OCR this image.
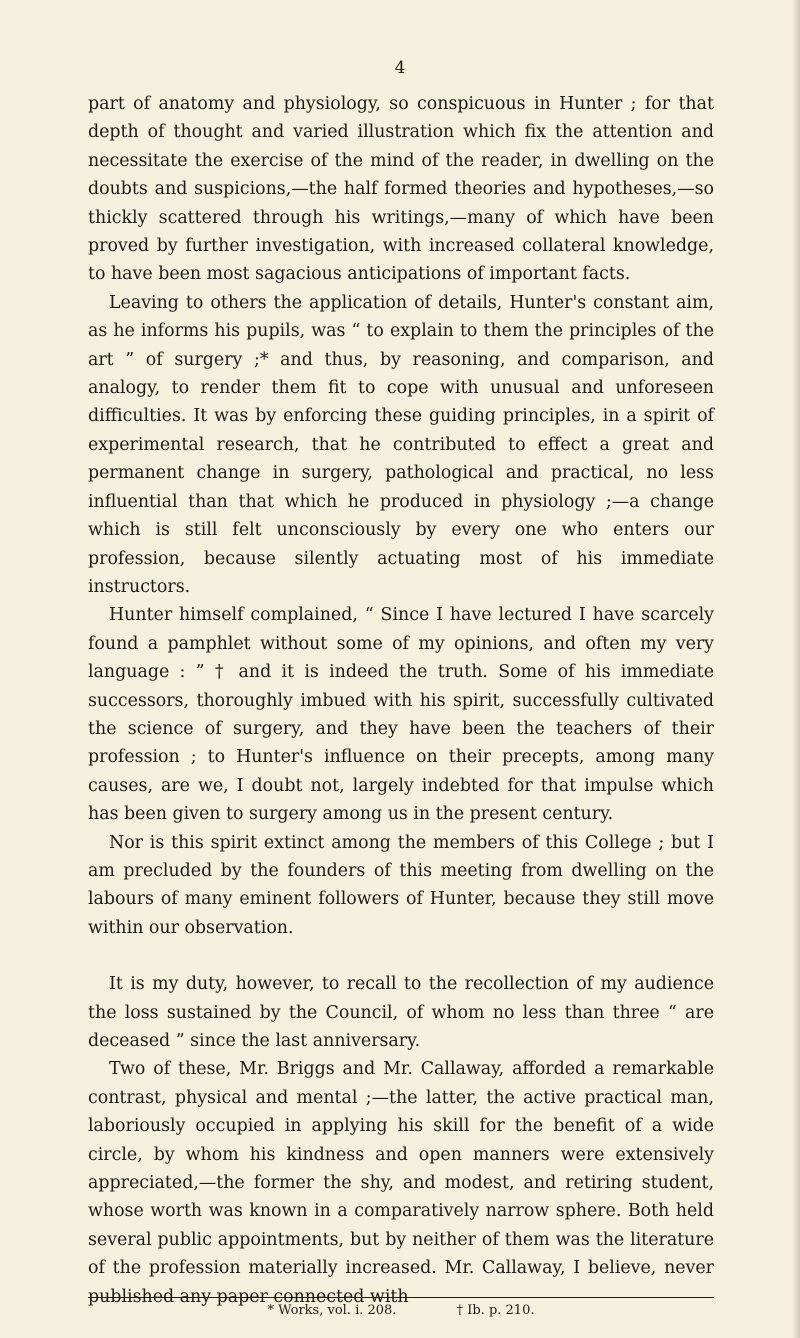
4

part of anatomy and physiology, so conspicuous in Hunter ; for that depth of thought and varied illustration which fix the attention and necessitate the exercise of the mind of the reader, in dwelling on the doubts and suspicions,—the half formed theories and hypotheses,—so thickly scattered through his writings,—many of which have been proved by further investigation, with increased collateral knowledge, to have been most sagacious anticipations of important facts.

Leaving to others the application of details, Hunter's constant aim, as he informs his pupils, was “ to explain to them the principles of the art ” of surgery ;* and thus, by reasoning, and comparison, and analogy, to render them fit to cope with unusual and unforeseen difficulties. It was by enforcing these guiding principles, in a spirit of experimental research, that he contributed to effect a great and permanent change in surgery, pathological and practical, no less influential than that which he produced in physiology ;—a change which is still felt unconsciously by every one who enters our profession, because silently actuating most of his immediate instructors.

Hunter himself complained, “ Since I have lectured I have scarcely found a pamphlet without some of my opinions, and often my very language : ” † and it is indeed the truth. Some of his immediate successors, thoroughly imbued with his spirit, successfully cultivated the science of surgery, and they have been the teachers of their profession ; to Hunter's influence on their precepts, among many causes, are we, I doubt not, largely indebted for that impulse which has been given to surgery among us in the present century.

Nor is this spirit extinct among the members of this College ; but I am precluded by the founders of this meeting from dwelling on the labours of many eminent followers of Hunter, because they still move within our observation.

It is my duty, however, to recall to the recollection of my audience the loss sustained by the Council, of whom no less than three “ are deceased ” since the last anniversary.

Two of these, Mr. Briggs and Mr. Callaway, afforded a remarkable contrast, physical and mental ;—the latter, the active practical man, laboriously occupied in applying his skill for the benefit of a wide circle, by whom his kindness and open manners were extensively appreciated,—the former the shy, and modest, and retiring student, whose worth was known in a comparatively narrow sphere. Both held several public appointments, but by neither of them was the literature of the profession materially increased. Mr. Callaway, I believe, never published any paper connected with

* Works, vol. i. 208.	† Ib. p. 210.
